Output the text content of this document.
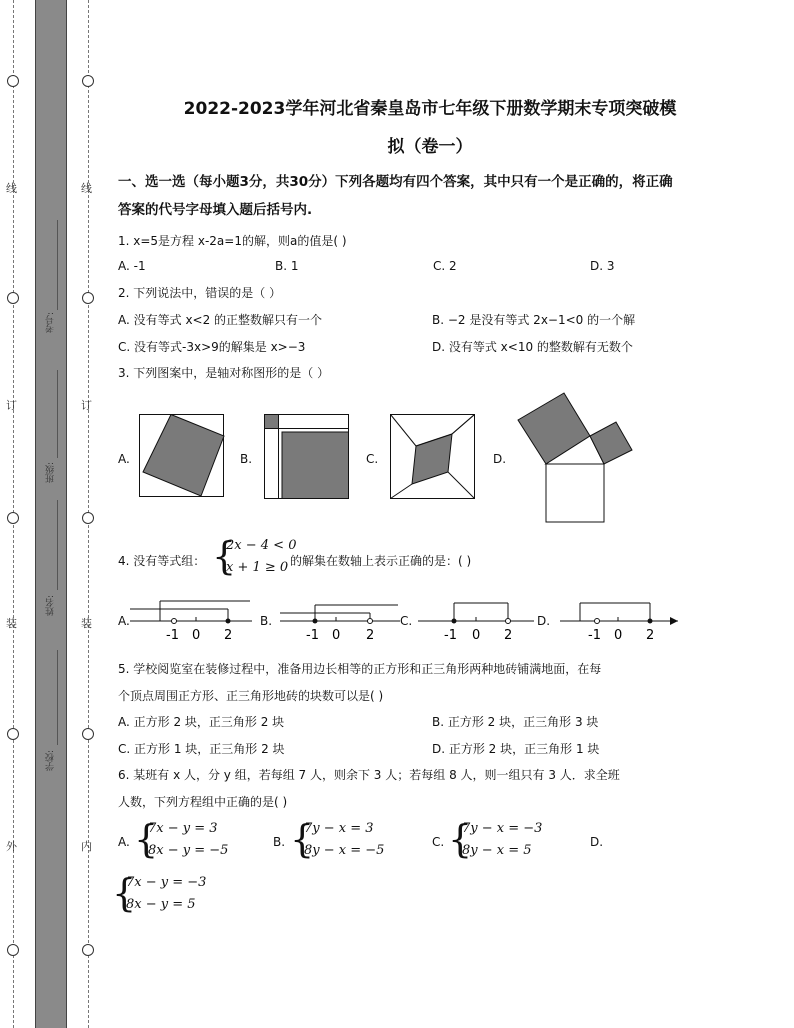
线
订
装
外
线
订
装
内
考号:
班级:
姓名:
学校:
2022-2023学年河北省秦皇岛市七年级下册数学期末专项突破模
拟（卷一）
一、选一选（每小题3分，共30分）下列各题均有四个答案，其中只有一个是正确的，将正确答案的代号字母填入题后括号内.
1. x=5是方程 x-2a=1的解，则a的值是( )
A. -1	B. 1	C. 2	D. 3
2. 下列说法中，错误的是（ ）
A. 没有等式 x<2 的正整数解只有一个	B. −2 是没有等式 2x−1<0 的一个解
C. 没有等式-3x>9的解集是 x>−3	D. 没有等式 x<10 的整数解有无数个
3. 下列图案中，是轴对称图形的是（ ）
A.	B.	C.	D.
4. 没有等式组： {
2x − 4 < 0
x + 1 ≥ 0 的解集在数轴上表示正确的是：( )
A.	B.	C.	D.
-1 0 2	-1 0 2	-1 0 2	-1 0 2
5. 学校阅览室在装修过程中，准备用边长相等的正方形和正三角形两种地砖铺满地面，在每
个顶点周围正方形、正三角形地砖的块数可以是( )
A. 正方形 2 块，正三角形 2 块	B. 正方形 2 块，正三角形 3 块
C. 正方形 1 块，正三角形 2 块	D. 正方形 2 块，正三角形 1 块
6. 某班有 x 人，分 y 组，若每组 7 人，则余下 3 人；若每组 8 人，则一组只有 3 人．求全班
人数，下列方程组中正确的是( )
A. {
7x − y = 3
8x − y = −5
B. {
7y − x = 3
8y − x = −5
C. {
7y − x = −3
8y − x = 5
D.
{
7x − y = −3
8x − y = 5
